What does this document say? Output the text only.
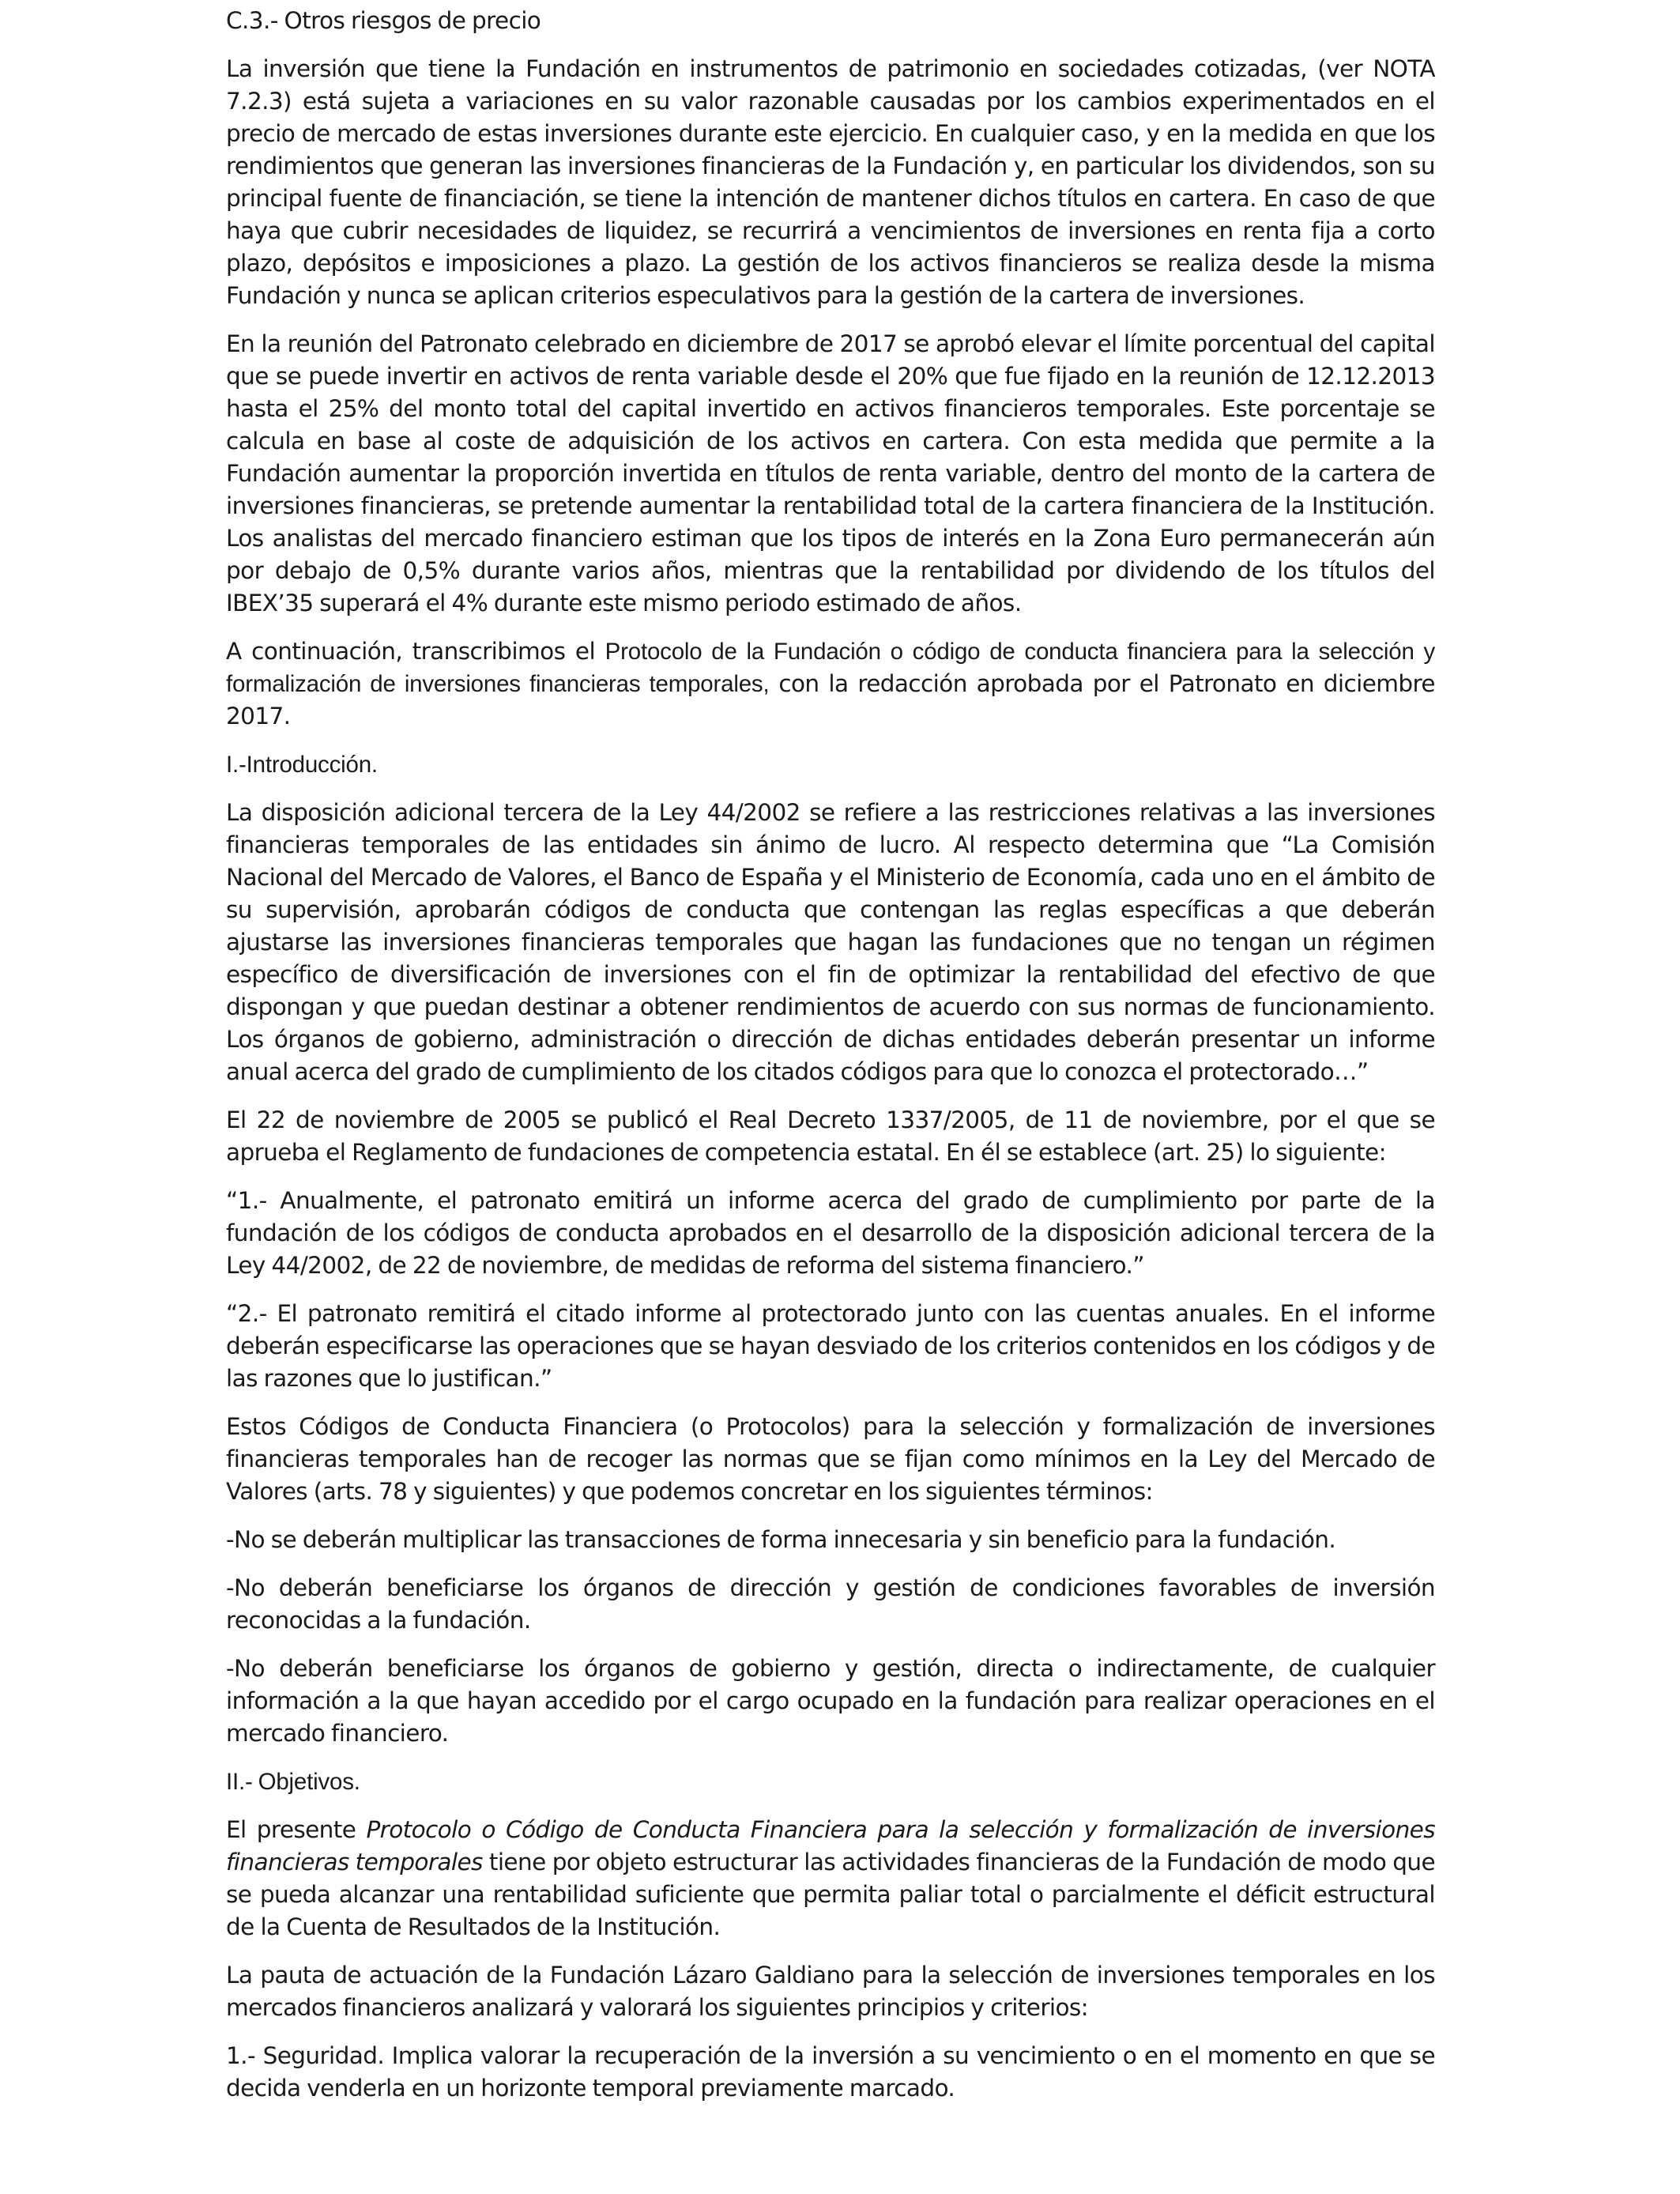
C.3.- Otros riesgos de precio

La inversión que tiene la Fundación en instrumentos de patrimonio en sociedades cotizadas, (ver NOTA 7.2.3) está sujeta a variaciones en su valor razonable causadas por los cambios experimentados en el precio de mercado de estas inversiones durante este ejercicio. En cualquier caso, y en la medida en que los rendimientos que generan las inversiones financieras de la Fundación y, en particular los dividendos, son su principal fuente de financiación, se tiene la intención de mantener dichos títulos en cartera. En caso de que haya que cubrir necesidades de liquidez, se recurrirá a vencimientos de inversiones en renta fija a corto plazo, depósitos e imposiciones a plazo. La gestión de los activos financieros se realiza desde la misma Fundación y nunca se aplican criterios especulativos para la gestión de la cartera de inversiones.

En la reunión del Patronato celebrado en diciembre de 2017 se aprobó elevar el límite porcentual del capital que se puede invertir en activos de renta variable desde el 20% que fue fijado en la reunión de 12.12.2013 hasta el 25% del monto total del capital invertido en activos financieros temporales. Este porcentaje se calcula en base al coste de adquisición de los activos en cartera. Con esta medida que permite a la Fundación aumentar la proporción invertida en títulos de renta variable, dentro del monto de la cartera de inversiones financieras, se pretende aumentar la rentabilidad total de la cartera financiera de la Institución. Los analistas del mercado financiero estiman que los tipos de interés en la Zona Euro permanecerán aún por debajo de 0,5% durante varios años, mientras que la rentabilidad por dividendo de los títulos del IBEX’35 superará el 4% durante este mismo periodo estimado de años.

A continuación, transcribimos el Protocolo de la Fundación o código de conducta financiera para la selección y formalización de inversiones financieras temporales, con la redacción aprobada por el Patronato en diciembre 2017.

I.-Introducción.

La disposición adicional tercera de la Ley 44/2002 se refiere a las restricciones relativas a las inversiones financieras temporales de las entidades sin ánimo de lucro. Al respecto determina que “La Comisión Nacional del Mercado de Valores, el Banco de España y el Ministerio de Economía, cada uno en el ámbito de su supervisión, aprobarán códigos de conducta que contengan las reglas específicas a que deberán ajustarse las inversiones financieras temporales que hagan las fundaciones que no tengan un régimen específico de diversificación de inversiones con el fin de optimizar la rentabilidad del efectivo de que dispongan y que puedan destinar a obtener rendimientos de acuerdo con sus normas de funcionamiento. Los órganos de gobierno, administración o dirección de dichas entidades deberán presentar un informe anual acerca del grado de cumplimiento de los citados códigos para que lo conozca el protectorado…”

El 22 de noviembre de 2005 se publicó el Real Decreto 1337/2005, de 11 de noviembre, por el que se aprueba el Reglamento de fundaciones de competencia estatal. En él se establece (art. 25) lo siguiente:

“1.- Anualmente, el patronato emitirá un informe acerca del grado de cumplimiento por parte de la fundación de los códigos de conducta aprobados en el desarrollo de la disposición adicional tercera de la Ley 44/2002, de 22 de noviembre, de medidas de reforma del sistema financiero.”

“2.- El patronato remitirá el citado informe al protectorado junto con las cuentas anuales. En el informe deberán especificarse las operaciones que se hayan desviado de los criterios contenidos en los códigos y de las razones que lo justifican.”

Estos Códigos de Conducta Financiera (o Protocolos) para la selección y formalización de inversiones financieras temporales han de recoger las normas que se fijan como mínimos en la Ley del Mercado de Valores (arts. 78 y siguientes) y que podemos concretar en los siguientes términos:

-No se deberán multiplicar las transacciones de forma innecesaria y sin beneficio para la fundación.

-No deberán beneficiarse los órganos de dirección y gestión de condiciones favorables de inversión reconocidas a la fundación.

-No deberán beneficiarse los órganos de gobierno y gestión, directa o indirectamente, de cualquier información a la que hayan accedido por el cargo ocupado en la fundación para realizar operaciones en el mercado financiero.

II.- Objetivos.

El presente Protocolo o Código de Conducta Financiera para la selección y formalización de inversiones financieras temporales tiene por objeto estructurar las actividades financieras de la Fundación de modo que se pueda alcanzar una rentabilidad suficiente que permita paliar total o parcialmente el déficit estructural de la Cuenta de Resultados de la Institución.

La pauta de actuación de la Fundación Lázaro Galdiano para la selección de inversiones temporales en los mercados financieros analizará y valorará los siguientes principios y criterios:

1.- Seguridad. Implica valorar la recuperación de la inversión a su vencimiento o en el momento en que se decida venderla en un horizonte temporal previamente marcado.
